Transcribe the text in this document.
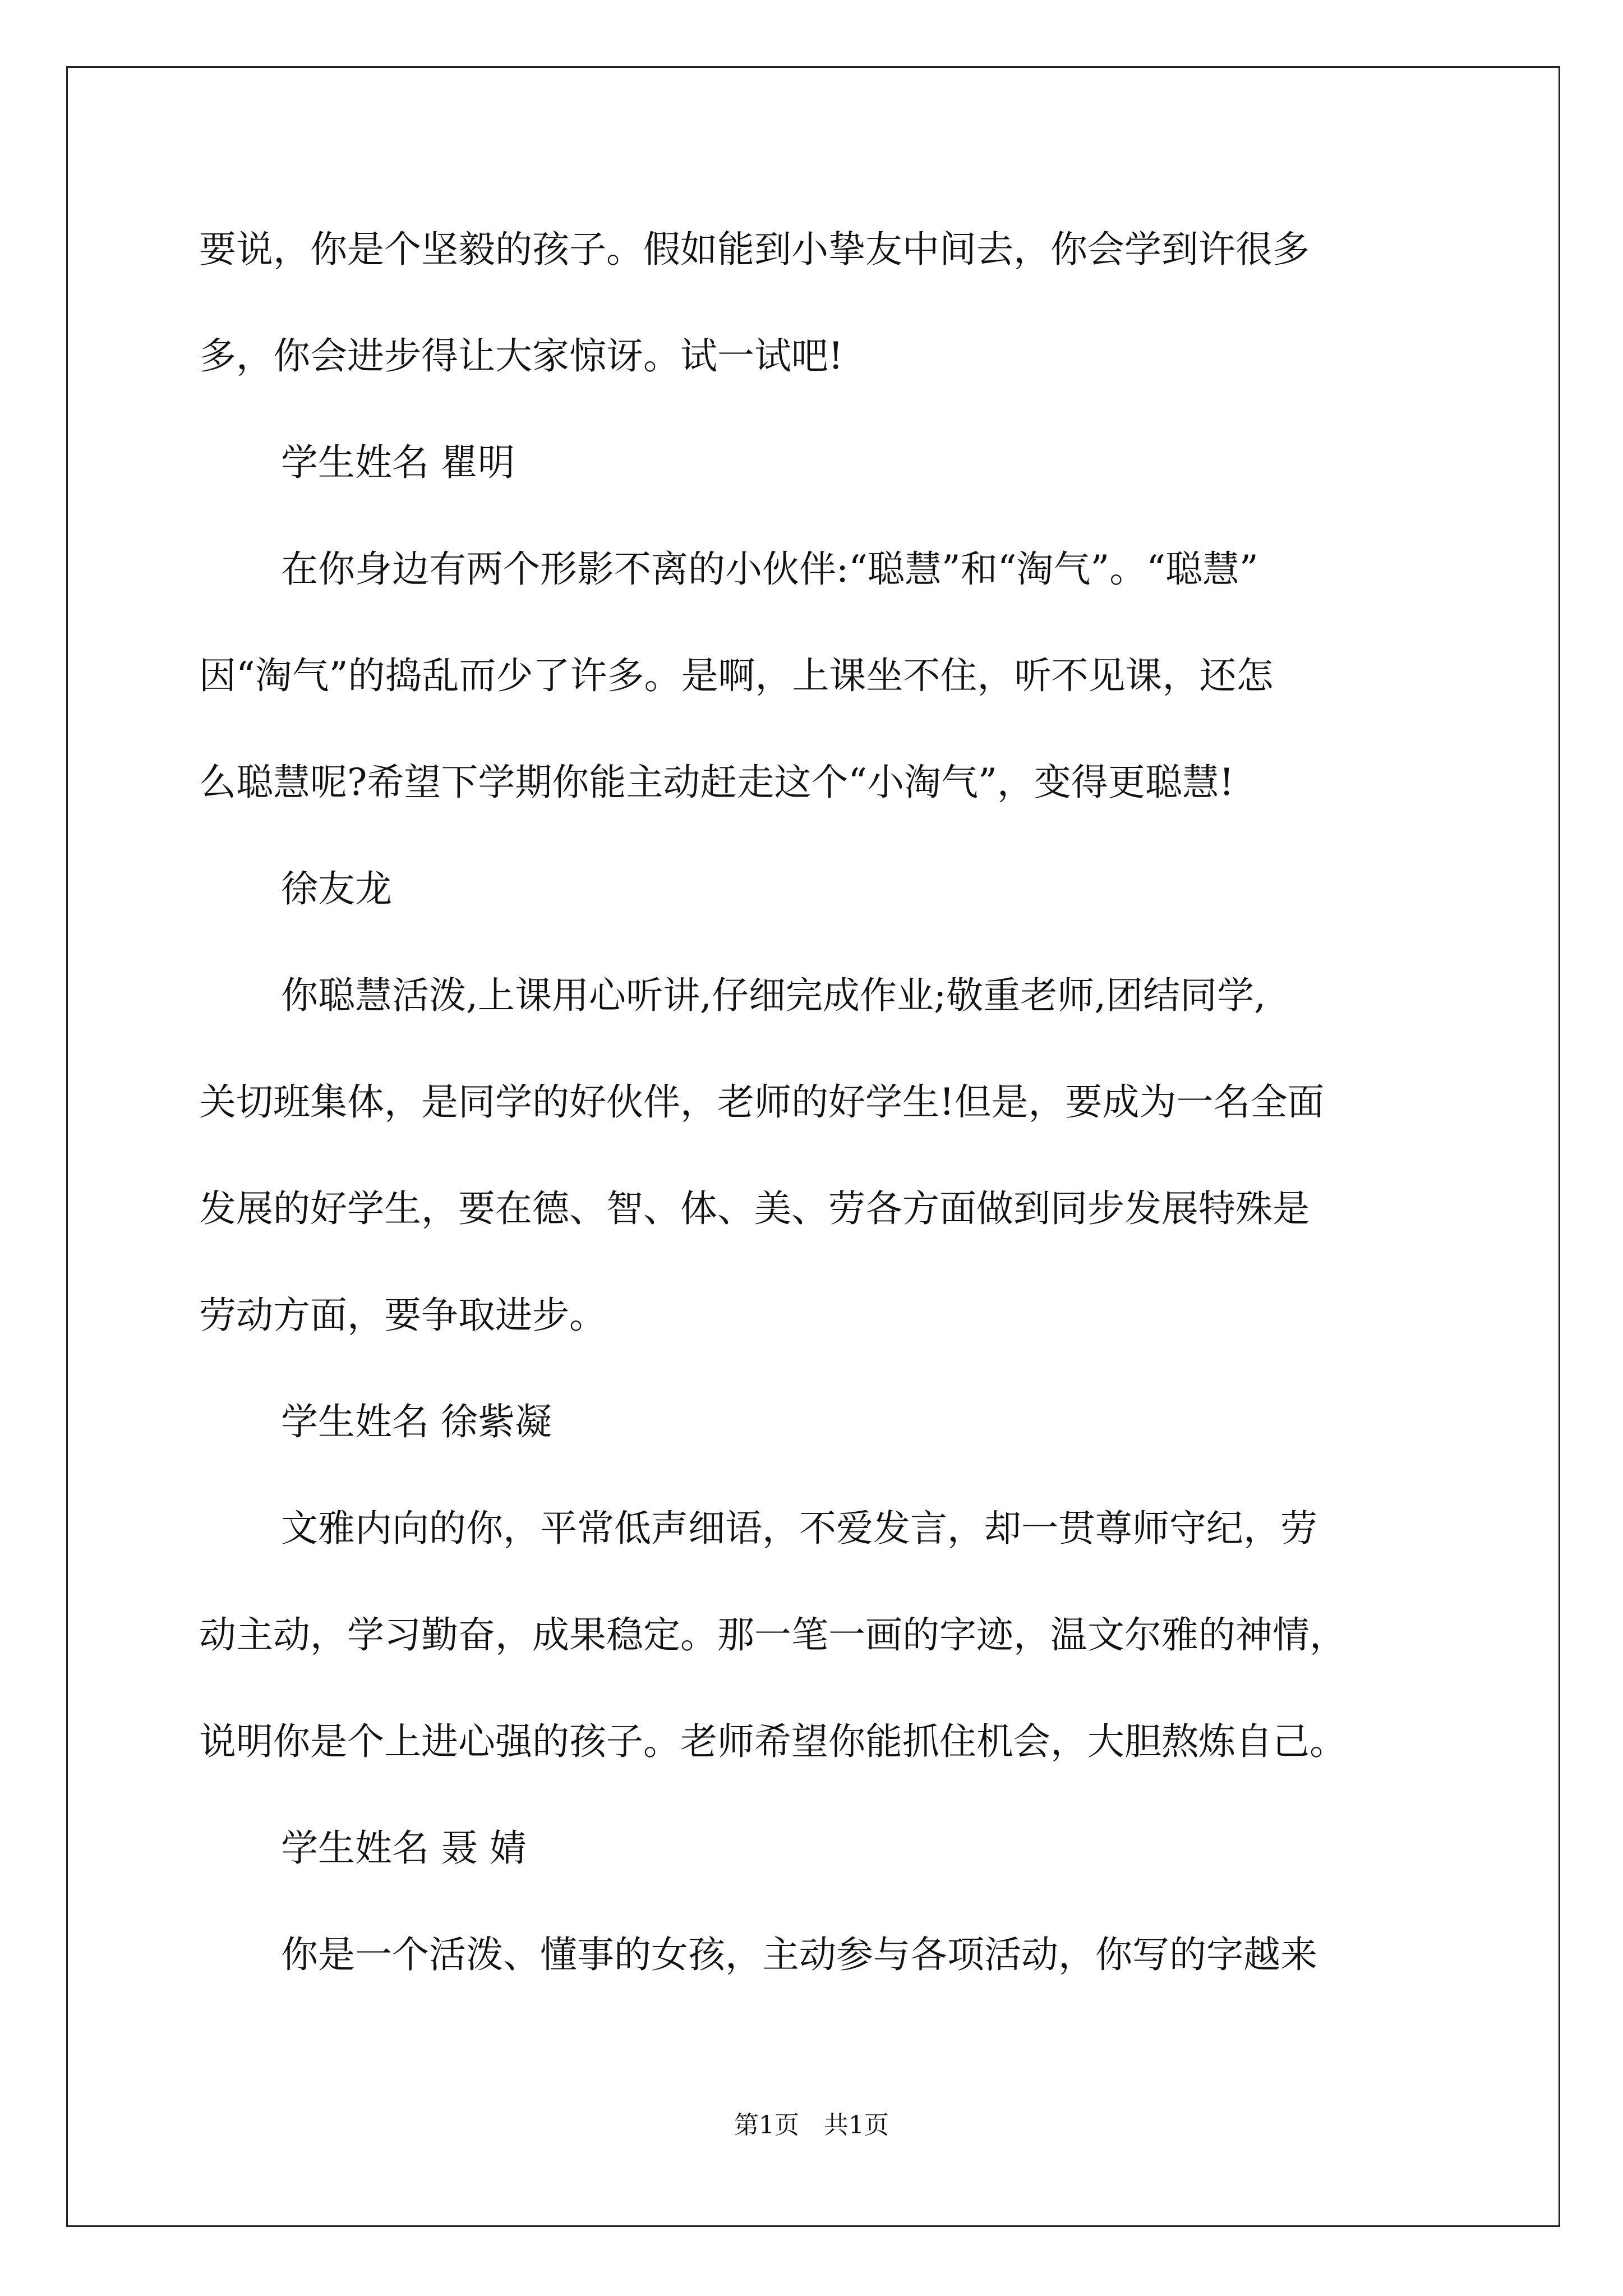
要说，你是个坚毅的孩子。假如能到小挚友中间去，你会学到许很多
多，你会进步得让大家惊讶。试一试吧!
学生姓名 瞿明
在你身边有两个形影不离的小伙伴:“聪慧”和“淘气”。“聪慧”
因“淘气”的捣乱而少了许多。是啊，上课坐不住，听不见课，还怎
么聪慧呢?希望下学期你能主动赶走这个“小淘气”，变得更聪慧!
徐友龙
你聪慧活泼,上课用心听讲,仔细完成作业;敬重老师,团结同学,
关切班集体，是同学的好伙伴，老师的好学生!但是，要成为一名全面
发展的好学生，要在德、智、体、美、劳各方面做到同步发展特殊是
劳动方面，要争取进步。
学生姓名 徐紫凝
文雅内向的你，平常低声细语，不爱发言，却一贯尊师守纪，劳
动主动，学习勤奋，成果稳定。那一笔一画的字迹，温文尔雅的神情，
说明你是个上进心强的孩子。老师希望你能抓住机会，大胆熬炼自己。
学生姓名 聂 婧
你是一个活泼、懂事的女孩，主动参与各项活动，你写的字越来
第1页　共1页
